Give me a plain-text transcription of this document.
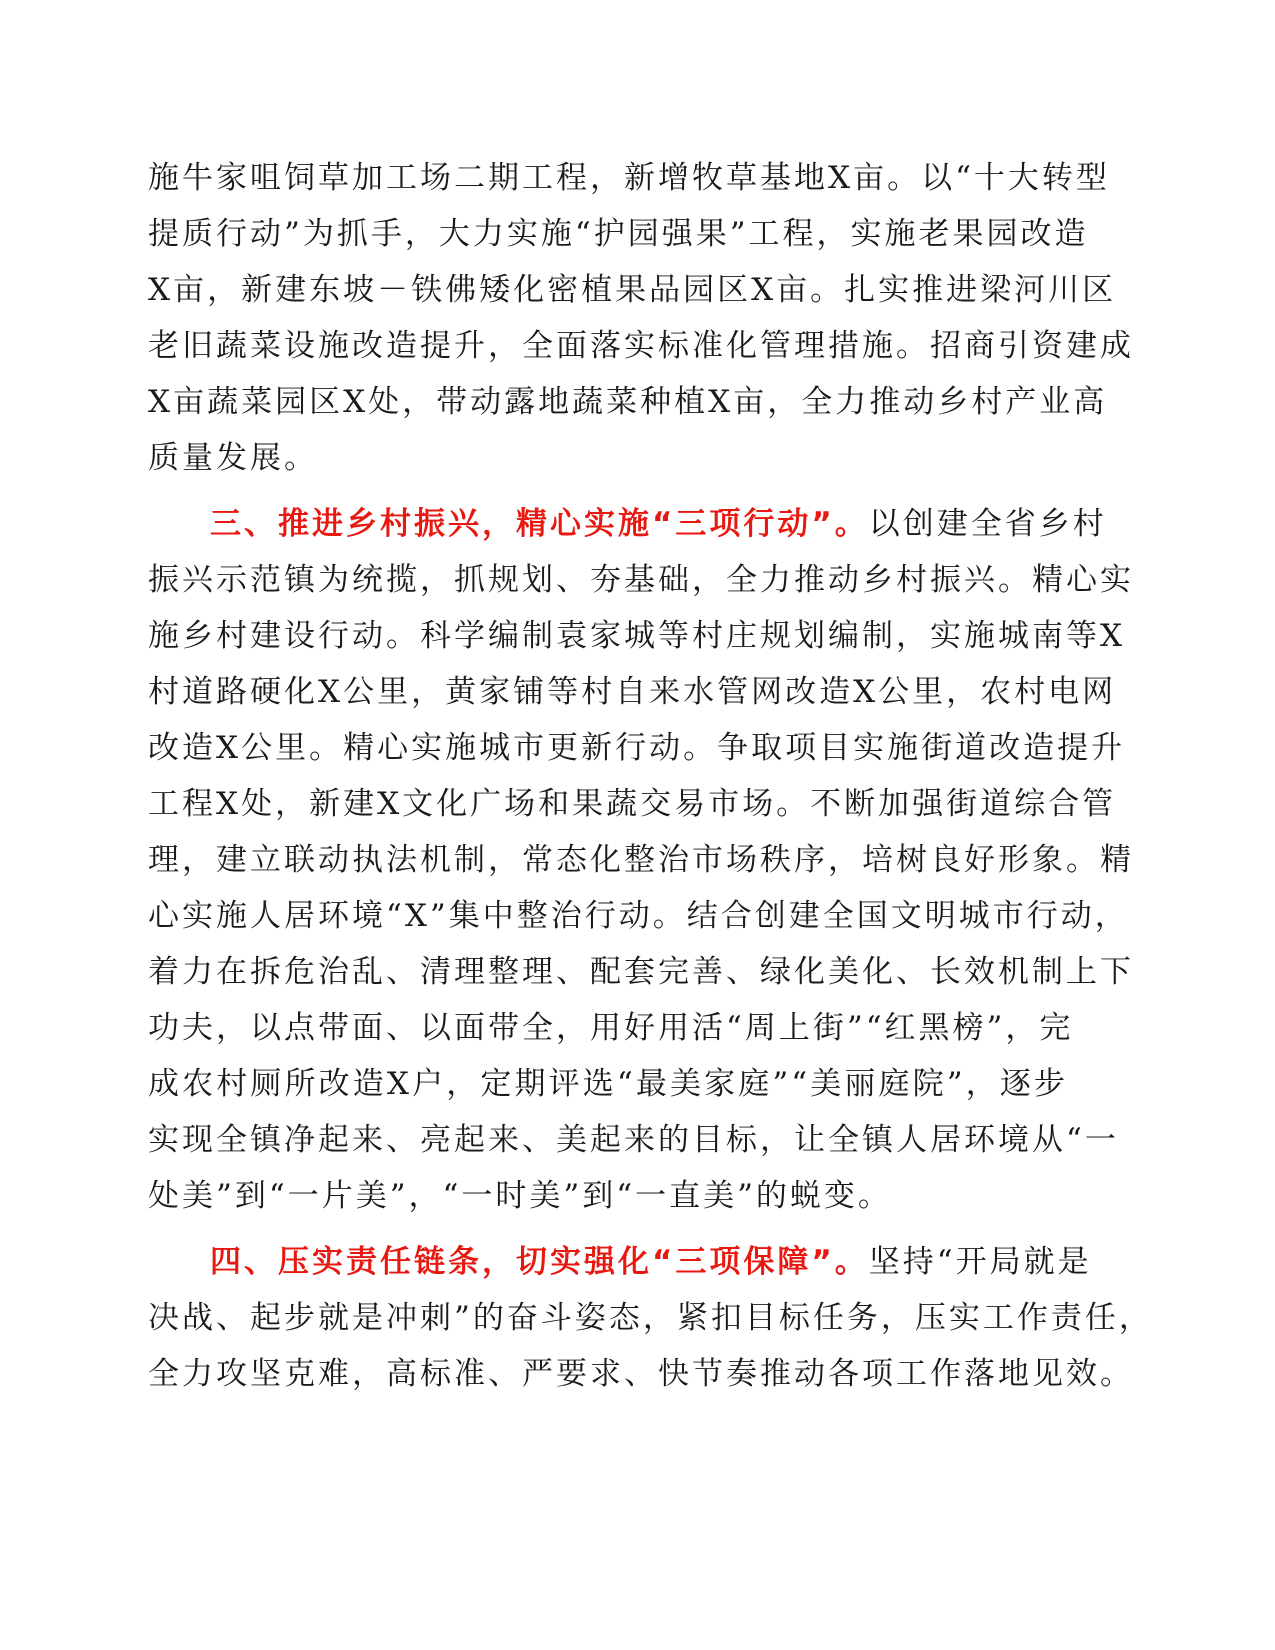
施牛家咀饲草加工场二期工程，新增牧草基地X亩。以“十大转型
提质行动”为抓手，大力实施“护园强果”工程，实施老果园改造
X亩，新建东坡－铁佛矮化密植果品园区X亩。扎实推进梁河川区
老旧蔬菜设施改造提升，全面落实标准化管理措施。招商引资建成
X亩蔬菜园区X处，带动露地蔬菜种植X亩，全力推动乡村产业高
质量发展。
三、推进乡村振兴，精心实施“三项行动”。以创建全省乡村
振兴示范镇为统揽，抓规划、夯基础，全力推动乡村振兴。精心实
施乡村建设行动。科学编制袁家城等村庄规划编制，实施城南等X
村道路硬化X公里，黄家铺等村自来水管网改造X公里，农村电网
改造X公里。精心实施城市更新行动。争取项目实施街道改造提升
工程X处，新建X文化广场和果蔬交易市场。不断加强街道综合管
理，建立联动执法机制，常态化整治市场秩序，培树良好形象。精
心实施人居环境“X”集中整治行动。结合创建全国文明城市行动，
着力在拆危治乱、清理整理、配套完善、绿化美化、长效机制上下
功夫，以点带面、以面带全，用好用活“周上街”“红黑榜”，完
成农村厕所改造X户，定期评选“最美家庭”“美丽庭院”，逐步
实现全镇净起来、亮起来、美起来的目标，让全镇人居环境从“一
处美”到“一片美”，“一时美”到“一直美”的蜕变。
四、压实责任链条，切实强化“三项保障”。坚持“开局就是
决战、起步就是冲刺”的奋斗姿态，紧扣目标任务，压实工作责任，
全力攻坚克难，高标准、严要求、快节奏推动各项工作落地见效。
